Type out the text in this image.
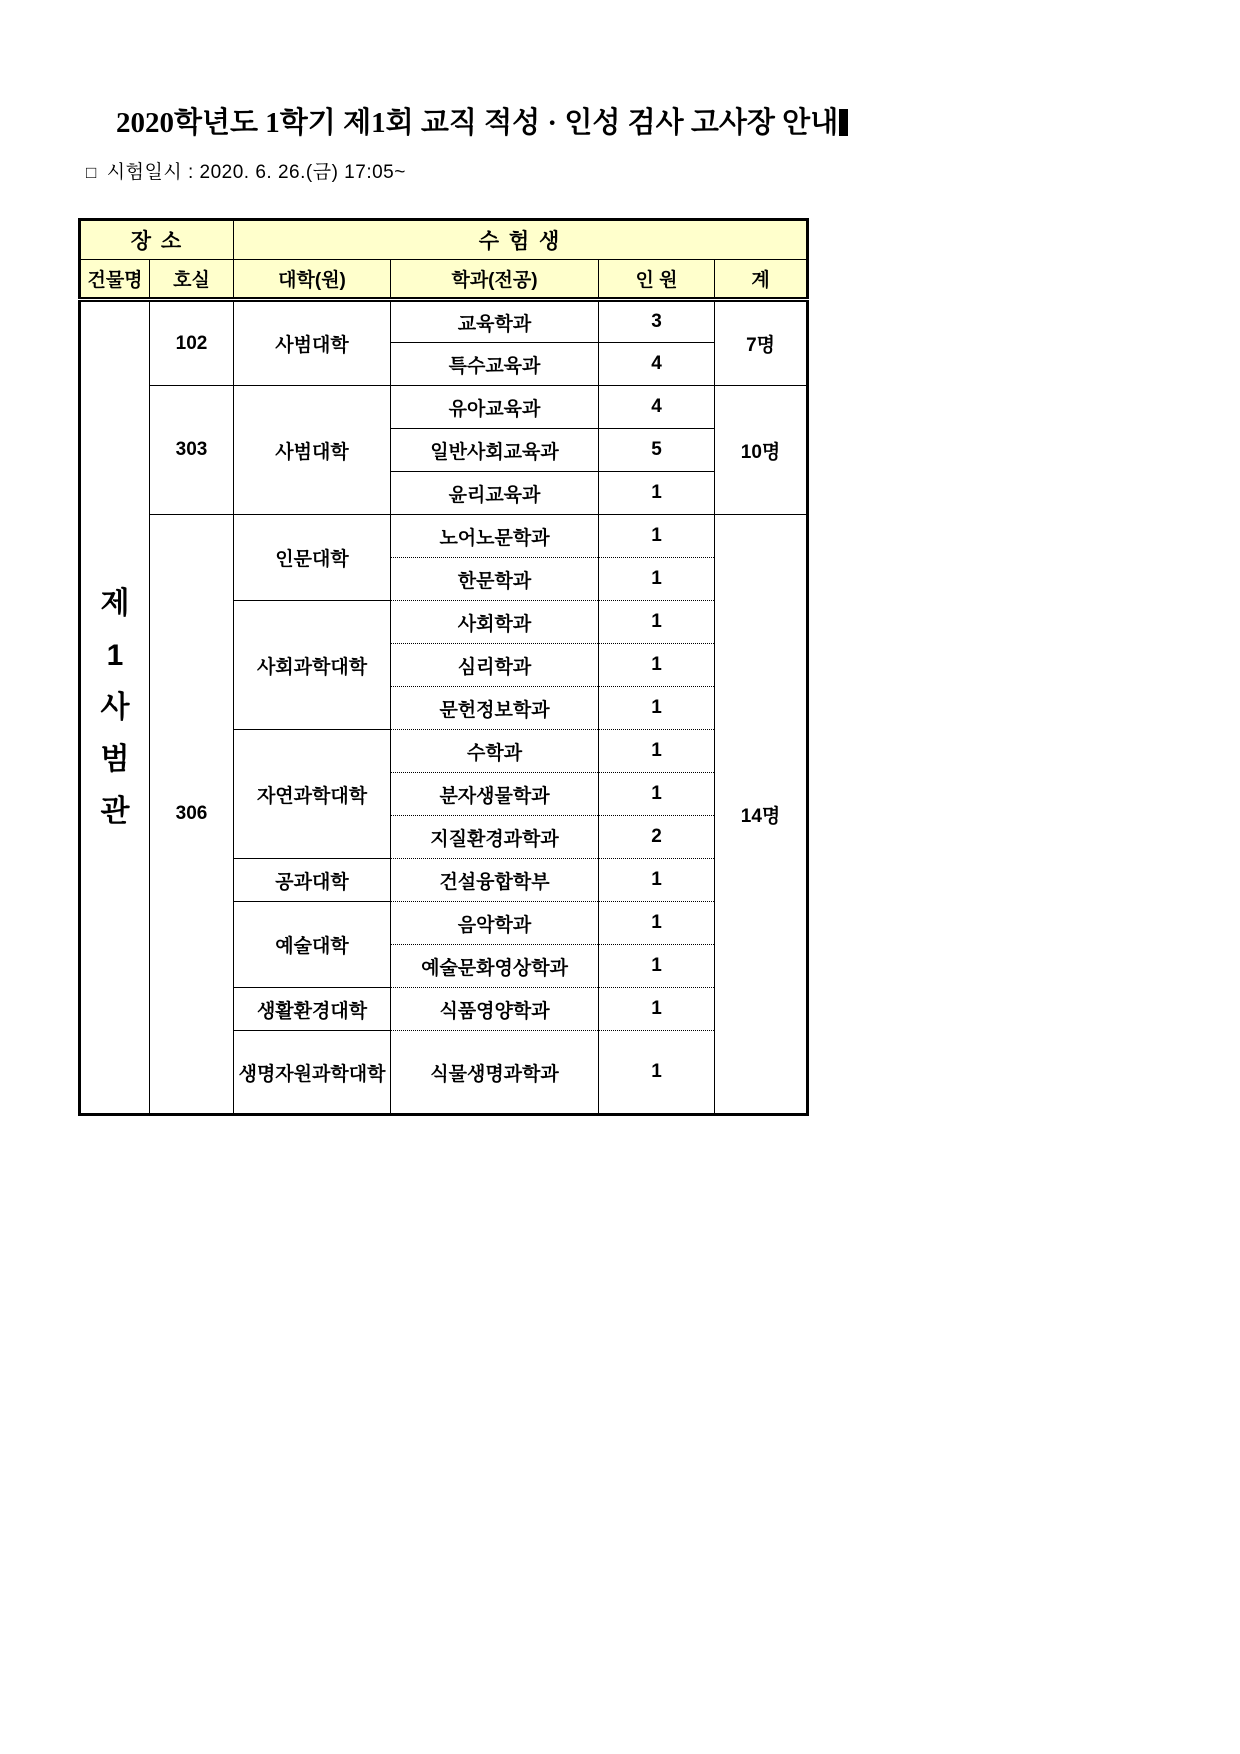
2020학년도 1학기 제1회 교직 적성 · 인성 검사 고사장 안내
□ 시험일시 : 2020. 6. 26.(금) 17:05~
장 소		수 험 생			
건물명	호실	대학(원)	학과(전공)	인 원	계

제
1
사
범
관	102	사범대학	교육학과	3	7명
			특수교육과	4	
	303	사범대학	유아교육과	4	10명
			일반사회교육과	5	
			윤리교육과	1	
	306	인문대학	노어노문학과	1	14명
			한문학과	1	
		사회과학대학	사회학과	1	
			심리학과	1	
			문헌정보학과	1	
		자연과학대학	수학과	1	
			분자생물학과	1	
			지질환경과학과	2	
		공과대학	건설융합학부	1	
		예술대학	음악학과	1	
			예술문화영상학과	1	
		생활환경대학	식품영양학과	1	
		생명자원과학대학	식물생명과학과	1	
